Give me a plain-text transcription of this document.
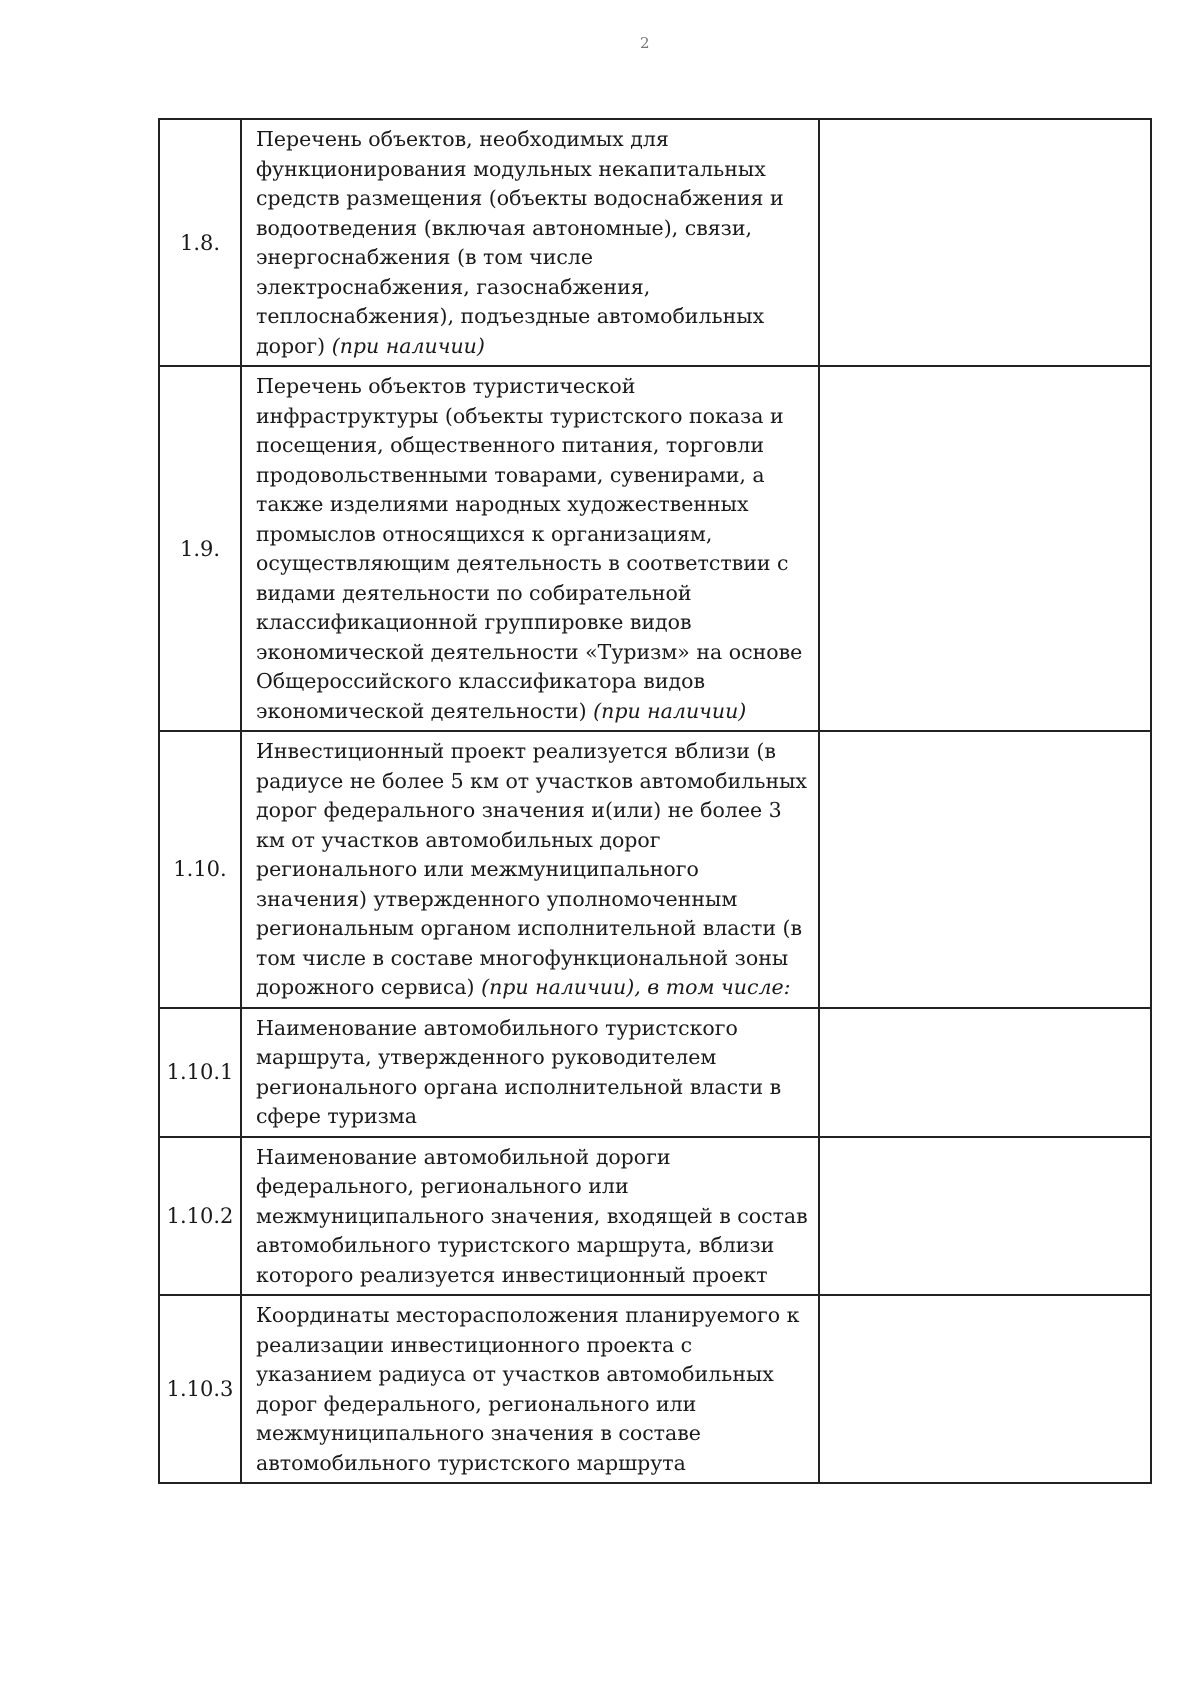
2
1.8.	Перечень объектов, необходимых для функционирования модульных некапитальных средств размещения (объекты водоснабжения и водоотведения (включая автономные), связи, энергоснабжения (в том числе электроснабжения, газоснабжения, теплоснабжения), подъездные автомобильных дорог) (при наличии)	
1.9.	Перечень объектов туристической инфраструктуры (объекты туристского показа и посещения, общественного питания, торговли продовольственными товарами, сувенирами, а также изделиями народных художественных промыслов относящихся к организациям, осуществляющим деятельность в соответствии с видами деятельности по собирательной классификационной группировке видов экономической деятельности «Туризм» на основе Общероссийского классификатора видов экономической деятельности) (при наличии)	
1.10.	Инвестиционный проект реализуется вблизи (в радиусе не более 5 км от участков автомобильных дорог федерального значения и(или) не более 3 км от участков автомобильных дорог регионального или межмуниципального значения) утвержденного уполномоченным региональным органом исполнительной власти (в том числе в составе многофункциональной зоны дорожного сервиса) (при наличии), в том числе:	
1.10.1	Наименование автомобильного туристского маршрута, утвержденного руководителем регионального органа исполнительной власти в сфере туризма	
1.10.2	Наименование автомобильной дороги федерального, регионального или межмуниципального значения, входящей в состав автомобильного туристского маршрута, вблизи которого реализуется инвестиционный проект	
1.10.3	Координаты месторасположения планируемого к реализации инвестиционного проекта с указанием радиуса от участков автомобильных дорог федерального, регионального или межмуниципального значения в составе автомобильного туристского маршрута	
